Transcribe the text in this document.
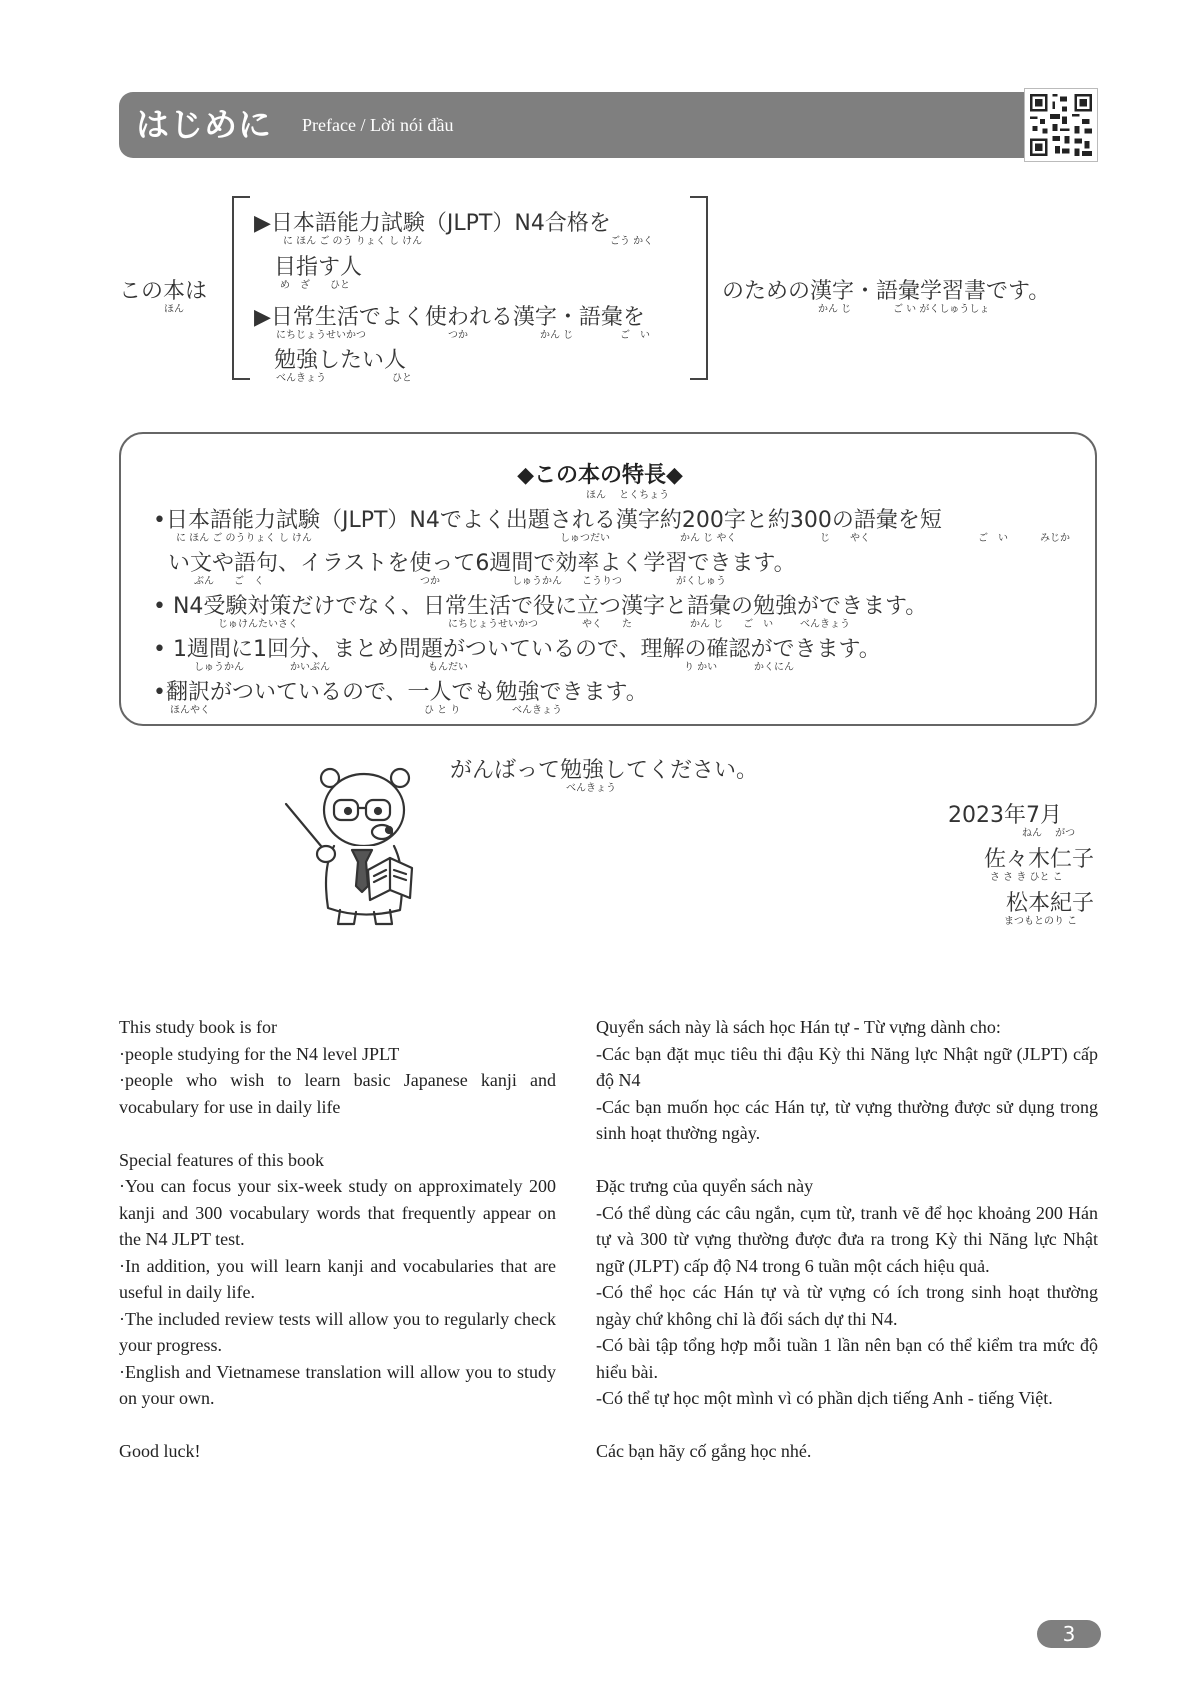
はじめに Preface / Lời nói đầu
この本は
ほん
▶日本語能力試験（JLPT）N4合格を
に ほん ご のう りょく し けん	ごう かく
目指す人
め　ざ　　ひと
▶日常生活でよく使われる漢字・語彙を
にちじょうせいかつ	つか	かん じ	ご　い
勉強したい人
べんきょう	ひと
のための漢字・語彙学習書です。
かん じ	ご い がくしゅうしょ
◆この本の特長◆
ほん　 とくちょう
•日本語能力試験（JLPT）N4でよく出題される漢字約200字と約300の語彙を短
に ほん ご のうりょく し けん	しゅつだい	かん じ やく	じ　　やく	ご　い	みじか
い文や語句、イラストを使って6週間で効率よく学習できます。
ぶん　　ご　く	つか	しゅうかん　　こうりつ	がくしゅう
• N4受験対策だけでなく、日常生活で役に立つ漢字と語彙の勉強ができます。
じゅけんたいさく	にちじょうせいかつ	やく　　た	かん じ　　ご　い	べんきょう
• 1週間に1回分、まとめ問題がついているので、理解の確認ができます。
しゅうかん	かいぶん	もんだい	り かい	かくにん
•翻訳がついているので、一人でも勉強できます。
ほんやく	ひ と り	べんきょう
がんばって勉強してください。
べんきょう
2023年7月
ねん　 がつ
佐々木仁子
さ さ き ひと こ
松本紀子
まつもとのり こ

This study book is for

·people studying for the N4 level JPLT

·people who wish to learn basic Japanese kanji and vocabulary for use in daily life

Special features of this book

·You can focus your six-week study on approximately 200 kanji and 300 vocabulary words that frequently appear on the N4 JLPT test.

·In addition, you will learn kanji and vocabularies that are useful in daily life.

·The included review tests will allow you to regularly check your progress.

·English and Vietnamese translation will allow you to study on your own.

Good luck!

Quyển sách này là sách học Hán tự - Từ vựng dành cho:

-Các bạn đặt mục tiêu thi đậu Kỳ thi Năng lực Nhật ngữ (JLPT) cấp độ N4

-Các bạn muốn học các Hán tự, từ vựng thường được sử dụng trong sinh hoạt thường ngày.

Đặc trưng của quyển sách này

-Có thể dùng các câu ngắn, cụm từ, tranh vẽ để học khoảng 200 Hán tự và 300 từ vựng thường được đưa ra trong Kỳ thi Năng lực Nhật ngữ (JLPT) cấp độ N4 trong 6 tuần một cách hiệu quả.

-Có thể học các Hán tự và từ vựng có ích trong sinh hoạt thường ngày chứ không chỉ là đối sách dự thi N4.

-Có bài tập tổng hợp mỗi tuần 1 lần nên bạn có thể kiểm tra mức độ hiểu bài.

-Có thể tự học một mình vì có phần dịch tiếng Anh - tiếng Việt.

Các bạn hãy cố gắng học nhé.

3
